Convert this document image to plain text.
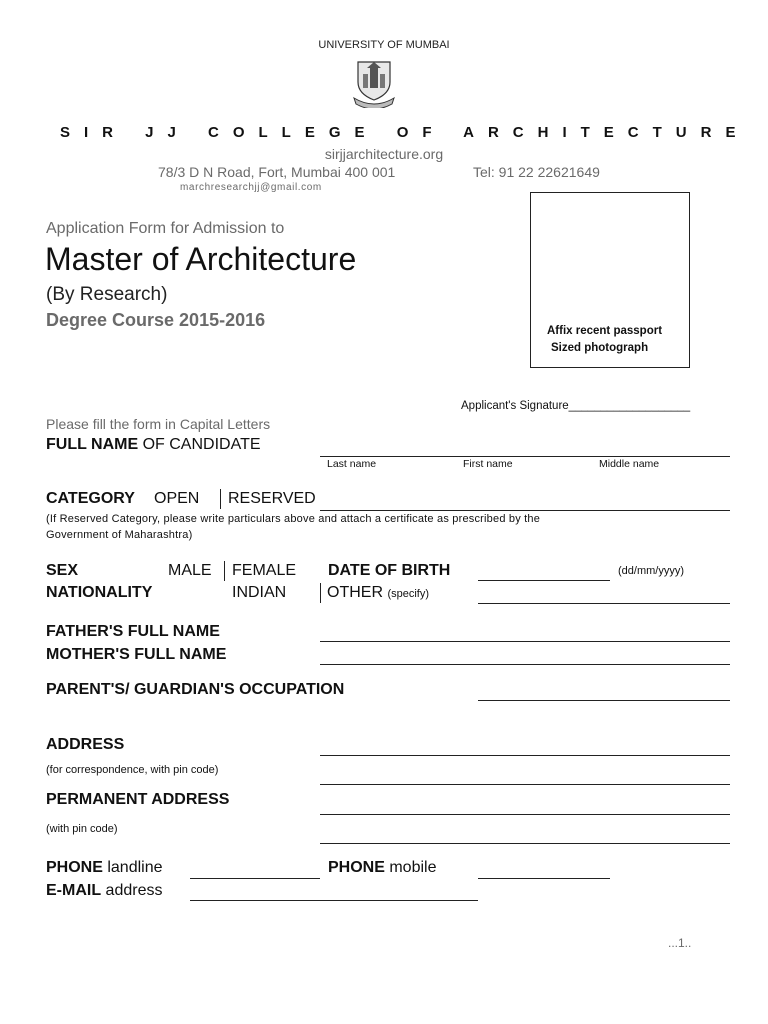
UNIVERSITY OF MUMBAI
SIR JJ COLLEGE OF ARCHITECTURE
sirjjarchitecture.org
78/3 D N Road, Fort, Mumbai 400 001	Tel: 91 22 22621649
marchresearchjj@gmail.com
Application Form for Admission to
Master of Architecture
(By Research)
Degree Course 2015-2016
Affix recent passport
Sized photograph
Applicant's Signature___________________
Please fill the form in Capital Letters
FULL NAME OF CANDIDATE
Last name	First name	Middle name
CATEGORY OPEN RESERVED
(If Reserved Category, please write particulars above and attach a certificate as prescribed by the
Government of Maharashtra)
SEX	MALE FEMALE DATE OF BIRTH	(dd/mm/yyyy)
NATIONALITY	INDIAN	OTHER (specify)
FATHER'S FULL NAME
MOTHER'S FULL NAME
PARENT'S/ GUARDIAN'S OCCUPATION
ADDRESS
(for correspondence, with pin code)
PERMANENT ADDRESS
(with pin code)
PHONE landline	PHONE mobile
E-MAIL address
...1..
